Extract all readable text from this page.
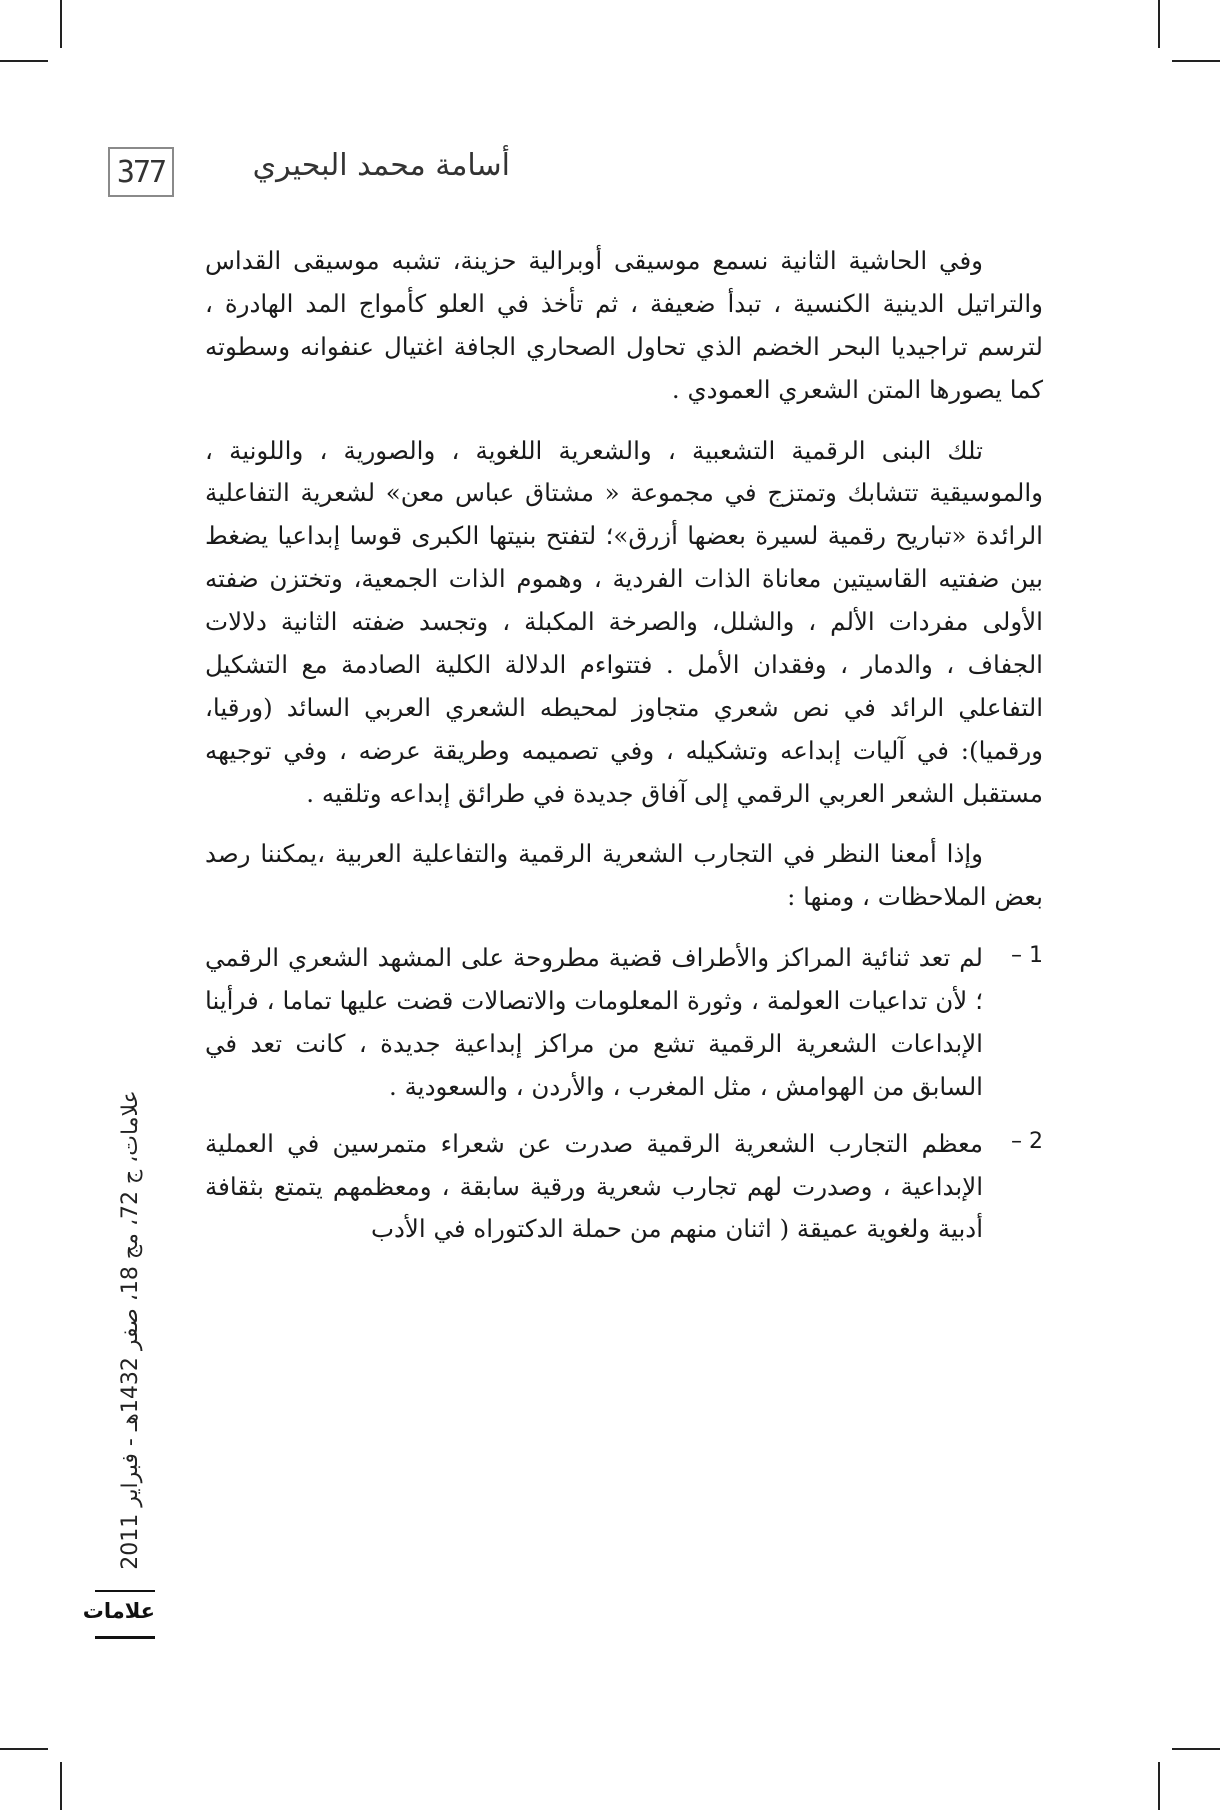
377	أسامة محمد البحيري

وفي الحاشية الثانية نسمع موسيقى أوبرالية حزينة، تشبه موسيقى القداس والتراتيل الدينية الكنسية ، تبدأ ضعيفة ، ثم تأخذ في العلو كأمواج المد الهادرة ، لترسم تراجيديا البحر الخضم الذي تحاول الصحاري الجافة اغتيال عنفوانه وسطوته كما يصورها المتن الشعري العمودي .

تلك البنى الرقمية التشعبية ، والشعرية اللغوية ، والصورية ، واللونية ، والموسيقية تتشابك وتمتزج في مجموعة « مشتاق عباس معن» لشعرية التفاعلية الرائدة «تباريح رقمية لسيرة بعضها أزرق»؛ لتفتح بنيتها الكبرى قوسا إبداعيا يضغط بين ضفتيه القاسيتين معاناة الذات الفردية ، وهموم الذات الجمعية، وتختزن ضفته الأولى مفردات الألم ، والشلل، والصرخة المكبلة ، وتجسد ضفته الثانية دلالات الجفاف ، والدمار ، وفقدان الأمل . فتتواءم الدلالة الكلية الصادمة مع التشكيل التفاعلي الرائد في نص شعري متجاوز لمحيطه الشعري العربي السائد (ورقيا، ورقميا): في آليات إبداعه وتشكيله ، وفي تصميمه وطريقة عرضه ، وفي توجيهه مستقبل الشعر العربي الرقمي إلى آفاق جديدة في طرائق إبداعه وتلقيه .

وإذا أمعنا النظر في التجارب الشعرية الرقمية والتفاعلية العربية ،يمكننا رصد بعض الملاحظات ، ومنها :

1 –
لم تعد ثنائية المراكز والأطراف قضية مطروحة على المشهد الشعري الرقمي ؛ لأن تداعيات العولمة ، وثورة المعلومات والاتصالات قضت عليها تماما ، فرأينا الإبداعات الشعرية الرقمية تشع من مراكز إبداعية جديدة ، كانت تعد في السابق من الهوامش ، مثل المغرب ، والأردن ، والسعودية .
2 –
معظم التجارب الشعرية الرقمية صدرت عن شعراء متمرسين في العملية الإبداعية ، وصدرت لهم تجارب شعرية ورقية سابقة ، ومعظمهم يتمتع بثقافة أدبية ولغوية عميقة ( اثنان منهم من حملة الدكتوراه في الأدب
علامات، ج 72، مج 18، صفر 1432هـ - فبراير 2011
علامات
